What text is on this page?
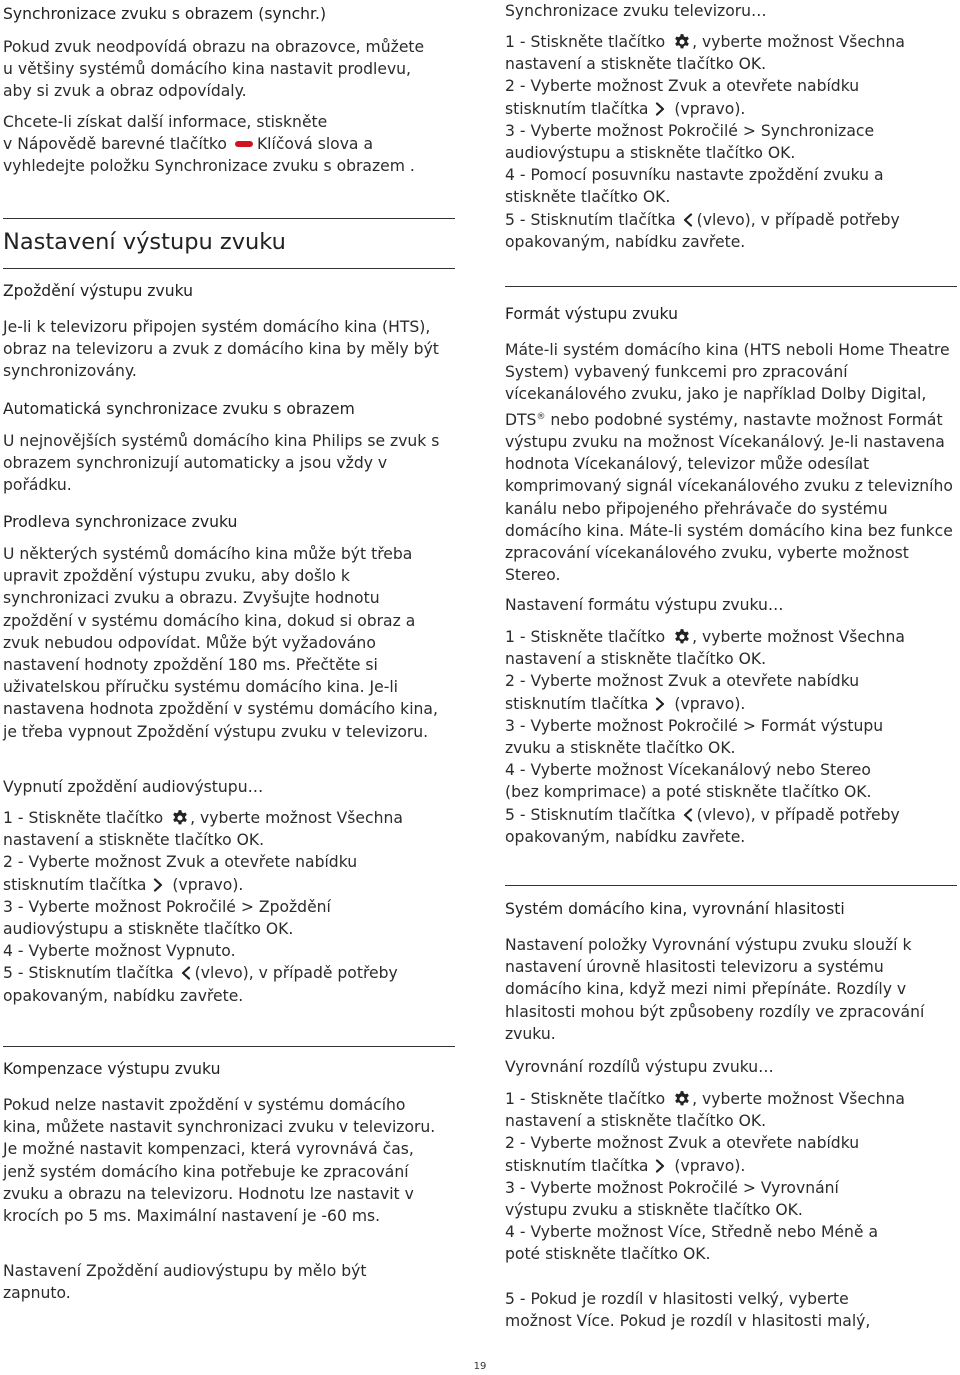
Synchronizace zvuku s obrazem (synchr.)

Pokud zvuk neodpovídá obrazu na obrazovce, můžete u většiny systémů domácího kina nastavit prodlevu, aby si zvuk a obraz odpovídaly.

Chcete-li získat další informace, stiskněte
v Nápovědě barevné tlačítko Klíčová slova a
vyhledejte položku Synchronizace zvuku s obrazem .
Nastavení výstupu zvuku
Zpoždění výstupu zvuku

Je-li k televizoru připojen systém domácího kina (HTS), obraz na televizoru a zvuk z domácího kina by měly být synchronizovány.

Automatická synchronizace zvuku s obrazem

U nejnovějších systémů domácího kina Philips se zvuk s obrazem synchronizují automaticky a jsou vždy v pořádku.

Prodleva synchronizace zvuku

U některých systémů domácího kina může být třeba upravit zpoždění výstupu zvuku, aby došlo k synchronizaci zvuku a obrazu. Zvyšujte hodnotu zpoždění v systému domácího kina, dokud si obraz a zvuk nebudou odpovídat. Může být vyžadováno nastavení hodnoty zpoždění 180 ms. Přečtěte si uživatelskou příručku systému domácího kina. Je-li nastavena hodnota zpoždění v systému domácího kina, je třeba vypnout Zpoždění výstupu zvuku v televizoru.

Vypnutí zpoždění audiovýstupu…
1 - Stiskněte tlačítko , vyberte možnost Všechna
nastavení a stiskněte tlačítko OK.
2 - Vyberte možnost Zvuk a otevřete nabídku
stisknutím tlačítka (vpravo).
3 - Vyberte možnost Pokročilé > Zpoždění
audiovýstupu a stiskněte tlačítko OK.
4 - Vyberte možnost Vypnuto.
5 - Stisknutím tlačítka (vlevo), v případě potřeby
opakovaným, nabídku zavřete.
Kompenzace výstupu zvuku

Pokud nelze nastavit zpoždění v systému domácího kina, můžete nastavit synchronizaci zvuku v televizoru. Je možné nastavit kompenzaci, která vyrovnává čas, jenž systém domácího kina potřebuje ke zpracování zvuku a obrazu na televizoru. Hodnotu lze nastavit v krocích po 5 ms. Maximální nastavení je -60 ms.

Nastavení Zpoždění audiovýstupu by mělo být zapnuto.

Synchronizace zvuku televizoru…
1 - Stiskněte tlačítko , vyberte možnost Všechna
nastavení a stiskněte tlačítko OK.
2 - Vyberte možnost Zvuk a otevřete nabídku
stisknutím tlačítka (vpravo).
3 - Vyberte možnost Pokročilé > Synchronizace
audiovýstupu a stiskněte tlačítko OK.
4 - Pomocí posuvníku nastavte zpoždění zvuku a
stiskněte tlačítko OK.
5 - Stisknutím tlačítka (vlevo), v případě potřeby
opakovaným, nabídku zavřete.
Formát výstupu zvuku

Máte-li systém domácího kina (HTS neboli Home Theatre System) vybavený funkcemi pro zpracování vícekanálového zvuku, jako je například Dolby Digital, DTS® nebo podobné systémy, nastavte možnost Formát výstupu zvuku na možnost Vícekanálový. Je-li nastavena hodnota Vícekanálový, televizor může odesílat komprimovaný signál vícekanálového zvuku z televizního kanálu nebo připojeného přehrávače do systému domácího kina. Máte-li systém domácího kina bez funkce zpracování vícekanálového zvuku, vyberte možnost Stereo.

Nastavení formátu výstupu zvuku…
1 - Stiskněte tlačítko , vyberte možnost Všechna
nastavení a stiskněte tlačítko OK.
2 - Vyberte možnost Zvuk a otevřete nabídku
stisknutím tlačítka (vpravo).
3 - Vyberte možnost Pokročilé > Formát výstupu
zvuku a stiskněte tlačítko OK.
4 - Vyberte možnost Vícekanálový nebo Stereo
(bez komprimace) a poté stiskněte tlačítko OK.
5 - Stisknutím tlačítka (vlevo), v případě potřeby
opakovaným, nabídku zavřete.
Systém domácího kina, vyrovnání hlasitosti

Nastavení položky Vyrovnání výstupu zvuku slouží k nastavení úrovně hlasitosti televizoru a systému domácího kina, když mezi nimi přepínáte. Rozdíly v hlasitosti mohou být způsobeny rozdíly ve zpracování zvuku.

Vyrovnání rozdílů výstupu zvuku…
1 - Stiskněte tlačítko , vyberte možnost Všechna
nastavení a stiskněte tlačítko OK.
2 - Vyberte možnost Zvuk a otevřete nabídku
stisknutím tlačítka (vpravo).
3 - Vyberte možnost Pokročilé > Vyrovnání
výstupu zvuku a stiskněte tlačítko OK.
4 - Vyberte možnost Více, Středně nebo Méně a
poté stiskněte tlačítko OK.
5 - Pokud je rozdíl v hlasitosti velký, vyberte
možnost Více. Pokud je rozdíl v hlasitosti malý,
19
